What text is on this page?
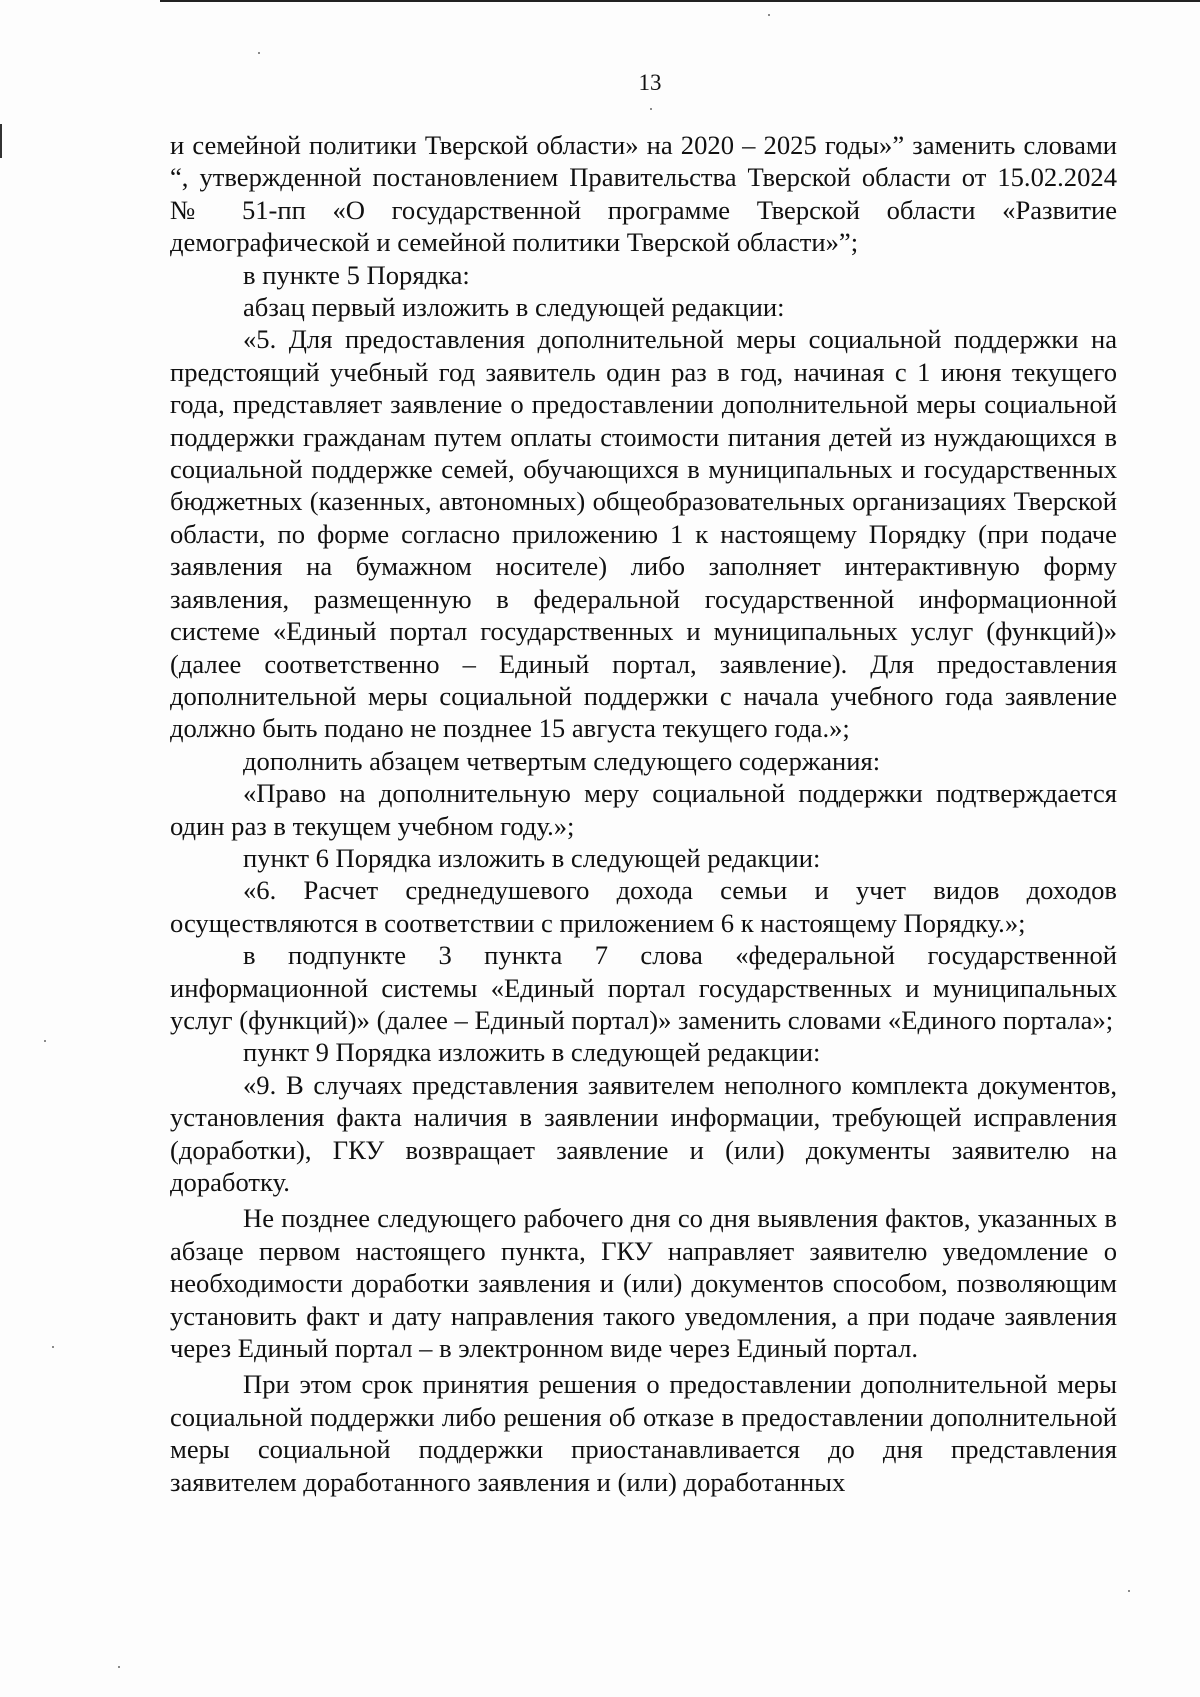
13

и семейной политики Тверской области» на 2020 – 2025 годы»” заменить словами “, утвержденной постановлением Правительства Тверской области от 15.02.2024 № 51-пп «О государственной программе Тверской области «Развитие демографической и семейной политики Тверской области»”;

в пункте 5 Порядка:

абзац первый изложить в следующей редакции:

«5. Для предоставления дополнительной меры социальной поддержки на предстоящий учебный год заявитель один раз в год, начиная с 1 июня текущего года, представляет заявление о предоставлении дополнительной меры социальной поддержки гражданам путем оплаты стоимости питания детей из нуждающихся в социальной поддержке семей, обучающихся в муниципальных и государственных бюджетных (казенных, автономных) общеобразовательных организациях Тверской области, по форме согласно приложению 1 к настоящему Порядку (при подаче заявления на бумажном носителе) либо заполняет интерактивную форму заявления, размещенную в федеральной государственной информационной системе «Единый портал государственных и муниципальных услуг (функций)» (далее соответственно – Единый портал, заявление). Для предоставления дополнительной меры социальной поддержки с начала учебного года заявление должно быть подано не позднее 15 августа текущего года.»;

дополнить абзацем четвертым следующего содержания:

«Право на дополнительную меру социальной поддержки подтверждается один раз в текущем учебном году.»;

пункт 6 Порядка изложить в следующей редакции:

«6. Расчет среднедушевого дохода семьи и учет видов доходов осуществляются в соответствии с приложением 6 к настоящему Порядку.»;

в подпункте 3 пункта 7 слова «федеральной государственной информационной системы «Единый портал государственных и муниципальных услуг (функций)» (далее – Единый портал)» заменить словами «Единого портала»;

пункт 9 Порядка изложить в следующей редакции:

«9. В случаях представления заявителем неполного комплекта документов, установления факта наличия в заявлении информации, требующей исправления (доработки), ГКУ возвращает заявление и (или) документы заявителю на доработку.

Не позднее следующего рабочего дня со дня выявления фактов, указанных в абзаце первом настоящего пункта, ГКУ направляет заявителю уведомление о необходимости доработки заявления и (или) документов способом, позволяющим установить факт и дату направления такого уведомления, а при подаче заявления через Единый портал – в электронном виде через Единый портал.

При этом срок принятия решения о предоставлении дополнительной меры социальной поддержки либо решения об отказе в предоставлении дополнительной меры социальной поддержки приостанавливается до дня представления заявителем доработанного заявления и (или) доработанных
